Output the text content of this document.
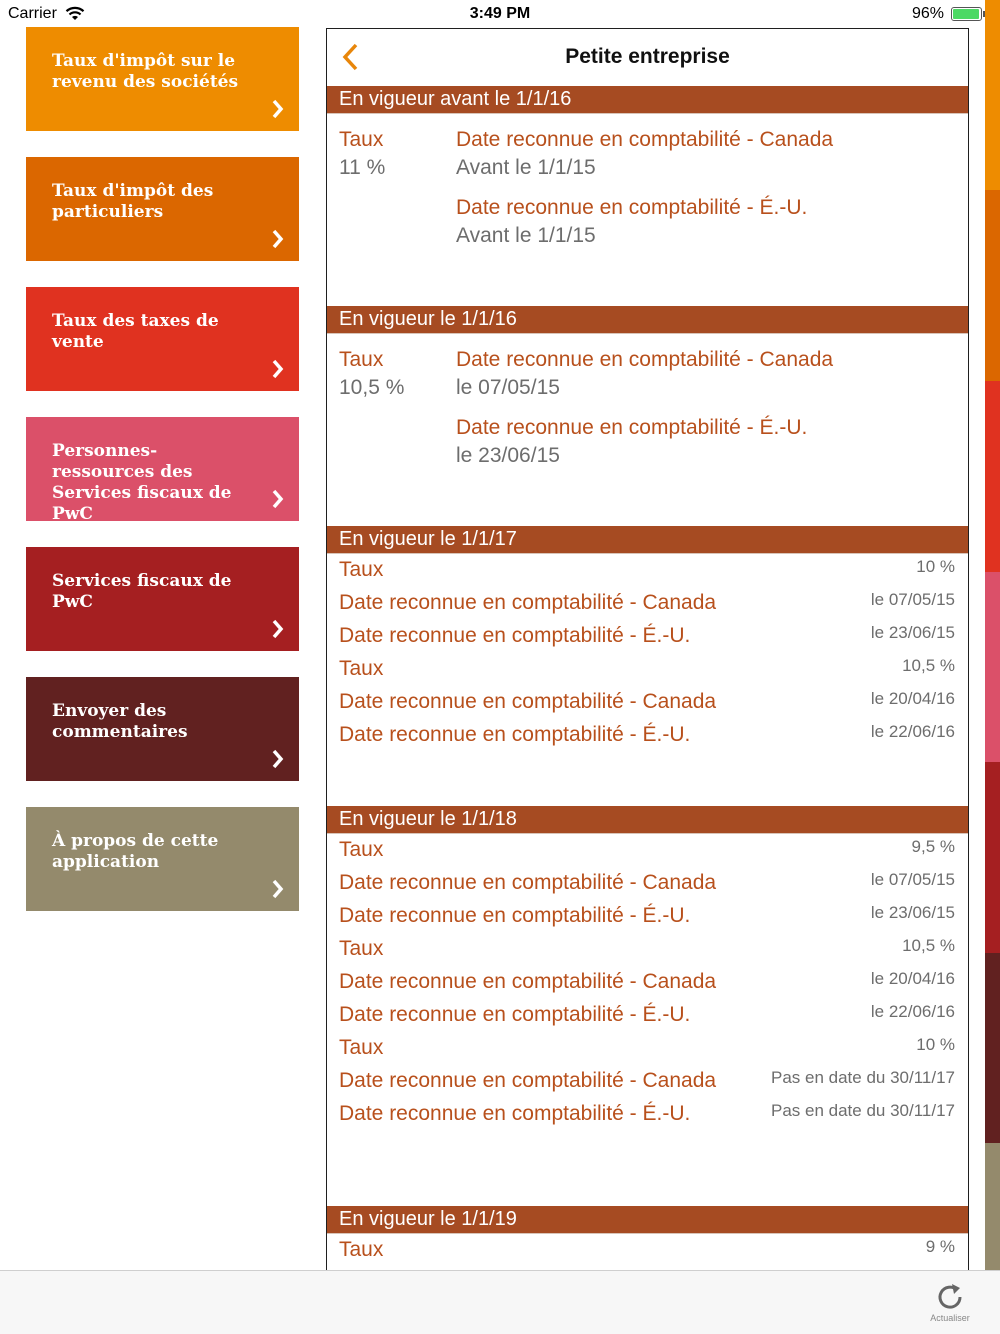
Carrier	3:49 PM	96%
Taux d'impôt sur le revenu des sociétés
Taux d'impôt des particuliers
Taux des taxes de vente
Personnes-ressources des Services fiscaux de PwC
Services fiscaux de PwC
Envoyer des commentaires
À propos de cette application
Petite entreprise
En vigueur avant le 1/1/16
Taux
11 %
Date reconnue en comptabilité - Canada
Avant le 1/1/15
Date reconnue en comptabilité - É.-U.
Avant le 1/1/15
En vigueur le 1/1/16
Taux
10,5 %
Date reconnue en comptabilité - Canada
le 07/05/15
Date reconnue en comptabilité - É.-U.
le 23/06/15
En vigueur le 1/1/17
Taux	10 %
Date reconnue en comptabilité - Canada	le 07/05/15
Date reconnue en comptabilité - É.-U.	le 23/06/15
Taux	10,5 %
Date reconnue en comptabilité - Canada	le 20/04/16
Date reconnue en comptabilité - É.-U.	le 22/06/16
En vigueur le 1/1/18
Taux	9,5 %
Date reconnue en comptabilité - Canada	le 07/05/15
Date reconnue en comptabilité - É.-U.	le 23/06/15
Taux	10,5 %
Date reconnue en comptabilité - Canada	le 20/04/16
Date reconnue en comptabilité - É.-U.	le 22/06/16
Taux	10 %
Date reconnue en comptabilité - Canada	Pas en date du 30/11/17
Date reconnue en comptabilité - É.-U.	Pas en date du 30/11/17
En vigueur le 1/1/19
Taux	9 %
Actualiser
